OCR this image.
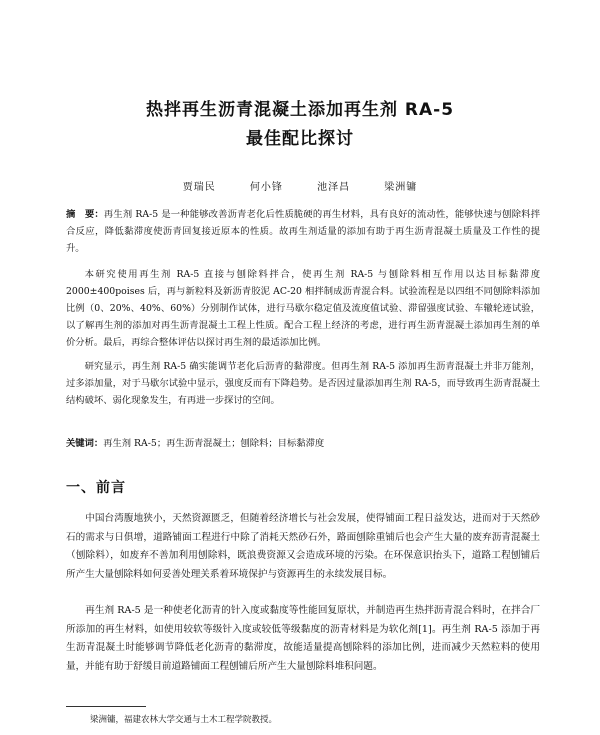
热拌再生沥青混凝土添加再生剂 RA-5
最佳配比探讨
贾瑞民	何小锋	池泽昌	梁洲镛
摘　要：再生剂 RA-5 是一种能够改善沥青老化后性质脆硬的再生材料，具有良好的流动性，能够快速与刨除料拌合反应，降低黏滞度使沥青回复接近原本的性质。故再生剂适量的添加有助于再生沥青混凝土质量及工作性的提升。
本研究使用再生剂 RA-5 直接与刨除料拌合，使再生剂 RA-5 与刨除料相互作用以达目标黏滞度 2000±400poises 后，再与新粒料及新沥青胶泥 AC-20 相拌制成沥青混合料。试验流程是以四组不同刨除料添加比例（0、20%、40%、60%）分别制作试体，进行马歇尔稳定值及流度值试验、滞留强度试验、车辙轮迹试验，以了解再生剂的添加对再生沥青混凝土工程上性质。配合工程上经济的考虑，进行再生沥青混凝土添加再生剂的单价分析。最后，再综合整体评估以探讨再生剂的最适添加比例。
研究显示，再生剂 RA-5 确实能调节老化后沥青的黏滞度。但再生剂 RA-5 添加再生沥青混凝土并非万能剂，过多添加量，对于马歇尔试验中显示，强度反而有下降趋势。是否因过量添加再生剂 RA-5，而导致再生沥青混凝土结构破坏、弱化现象发生，有再进一步探讨的空间。
关键词：再生剂 RA-5；再生沥青混凝土；刨除料；目标黏滞度
一、前言
中国台湾腹地狭小，天然资源匮乏，但随着经济增长与社会发展，使得铺面工程日益发达，进而对于天然砂石的需求与日俱增，道路铺面工程进行中除了消耗天然砂石外，路面刨除重铺后也会产生大量的废弃沥青混凝土（刨除料），如废弃不善加利用刨除料，既浪费资源又会造成环境的污染。在环保意识抬头下，道路工程刨铺后所产生大量刨除料如何妥善处理关系着环境保护与资源再生的永续发展目标。
再生剂 RA-5 是一种使老化沥青的针入度或黏度等性能回复原状，并制造再生热拌沥青混合料时，在拌合厂所添加的再生材料，如使用较软等级针入度或较低等级黏度的沥青材料是为软化剂[1]。再生剂 RA-5 添加于再生沥青混凝土时能够调节降低老化沥青的黏滞度，故能适量提高刨除料的添加比例，进而减少天然粒料的使用量，并能有助于舒缓目前道路铺面工程刨铺后所产生大量刨除料堆积问题。
梁洲镛，福建农林大学交通与土木工程学院教授。
